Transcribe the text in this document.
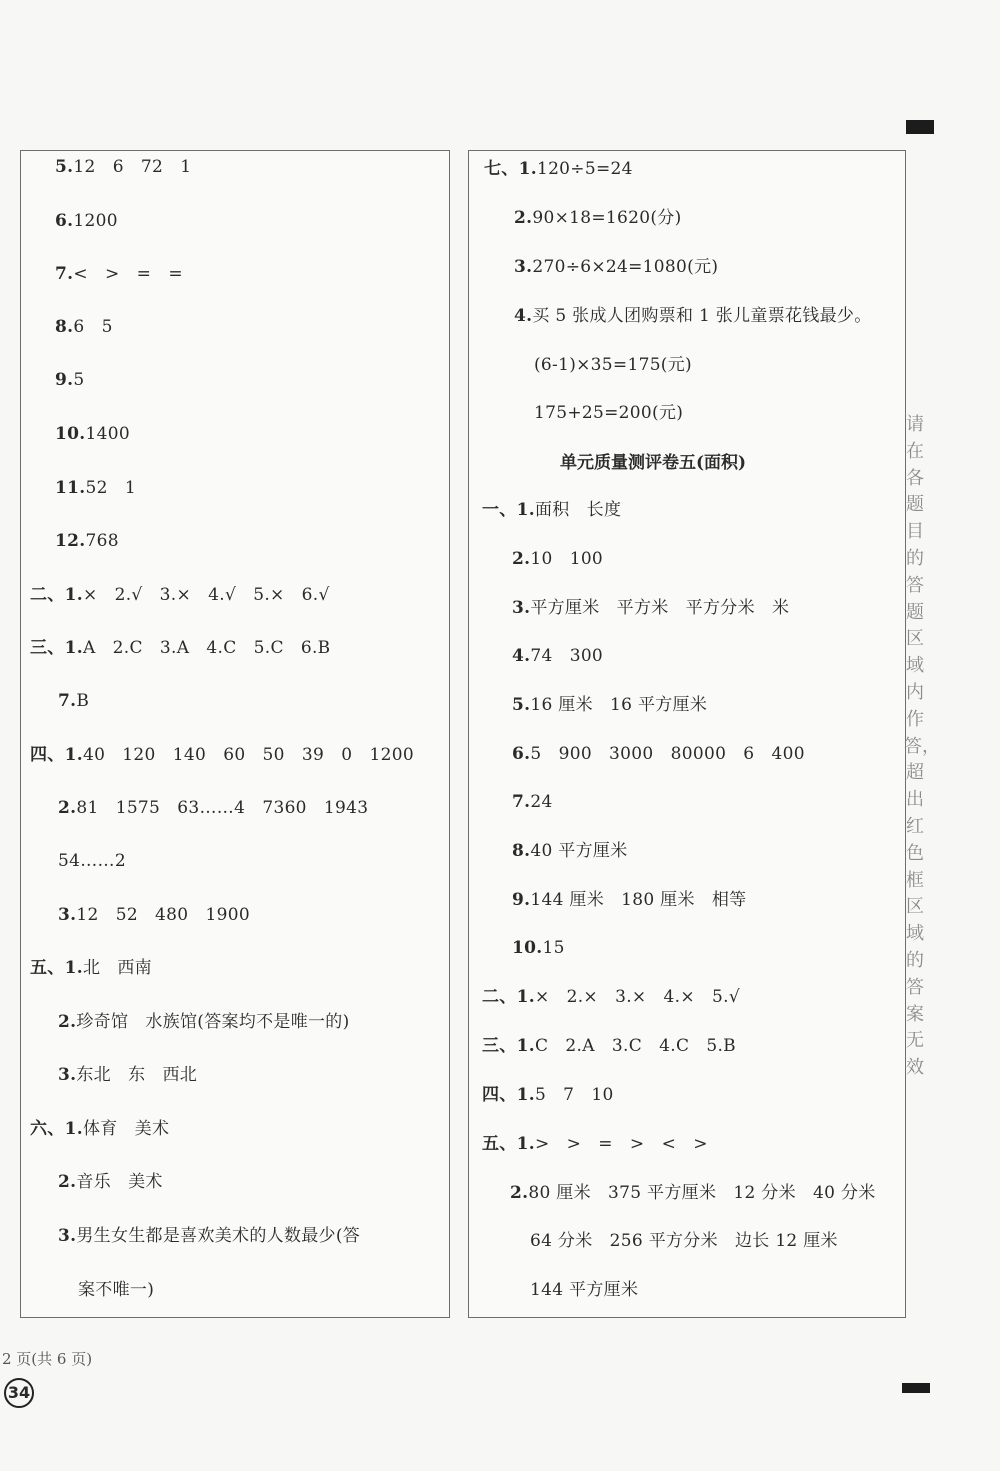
5.12   6   72   1
6.1200
7.<   >   =   =
8.6   5
9.5
10.1400
11.52   1
12.768
二、1.×   2.√   3.×   4.√   5.×   6.√
三、1.A   2.C   3.A   4.C   5.C   6.B
7.B
四、1.40   120   140   60   50   39   0   1200
2.81   1575   63……4   7360   1943
54……2
3.12   52   480   1900
五、1.北   西南
2.珍奇馆   水族馆(答案均不是唯一的)
3.东北   东   西北
六、1.体育   美术
2.音乐   美术
3.男生女生都是喜欢美术的人数最少(答
案不唯一)
七、1.120÷5=24
2.90×18=1620(分)
3.270÷6×24=1080(元)
4.买 5 张成人团购票和 1 张儿童票花钱最少。
(6-1)×35=175(元)
175+25=200(元)
单元质量测评卷五(面积)
一、1.面积   长度
2.10   100
3.平方厘米   平方米   平方分米   米
4.74   300
5.16 厘米   16 平方厘米
6.5   900   3000   80000   6   400
7.24
8.40 平方厘米
9.144 厘米   180 厘米   相等
10.15
二、1.×   2.×   3.×   4.×   5.√
三、1.C   2.A   3.C   4.C   5.B
四、1.5   7   10
五、1.>   >   =   >   <   >
2.80 厘米   375 平方厘米   12 分米   40 分米
64 分米   256 平方分米   边长 12 厘米
144 平方厘米
请在各题目的答题区域内作答，超出红色框区域的答案无效
2 页(共 6 页)
34
